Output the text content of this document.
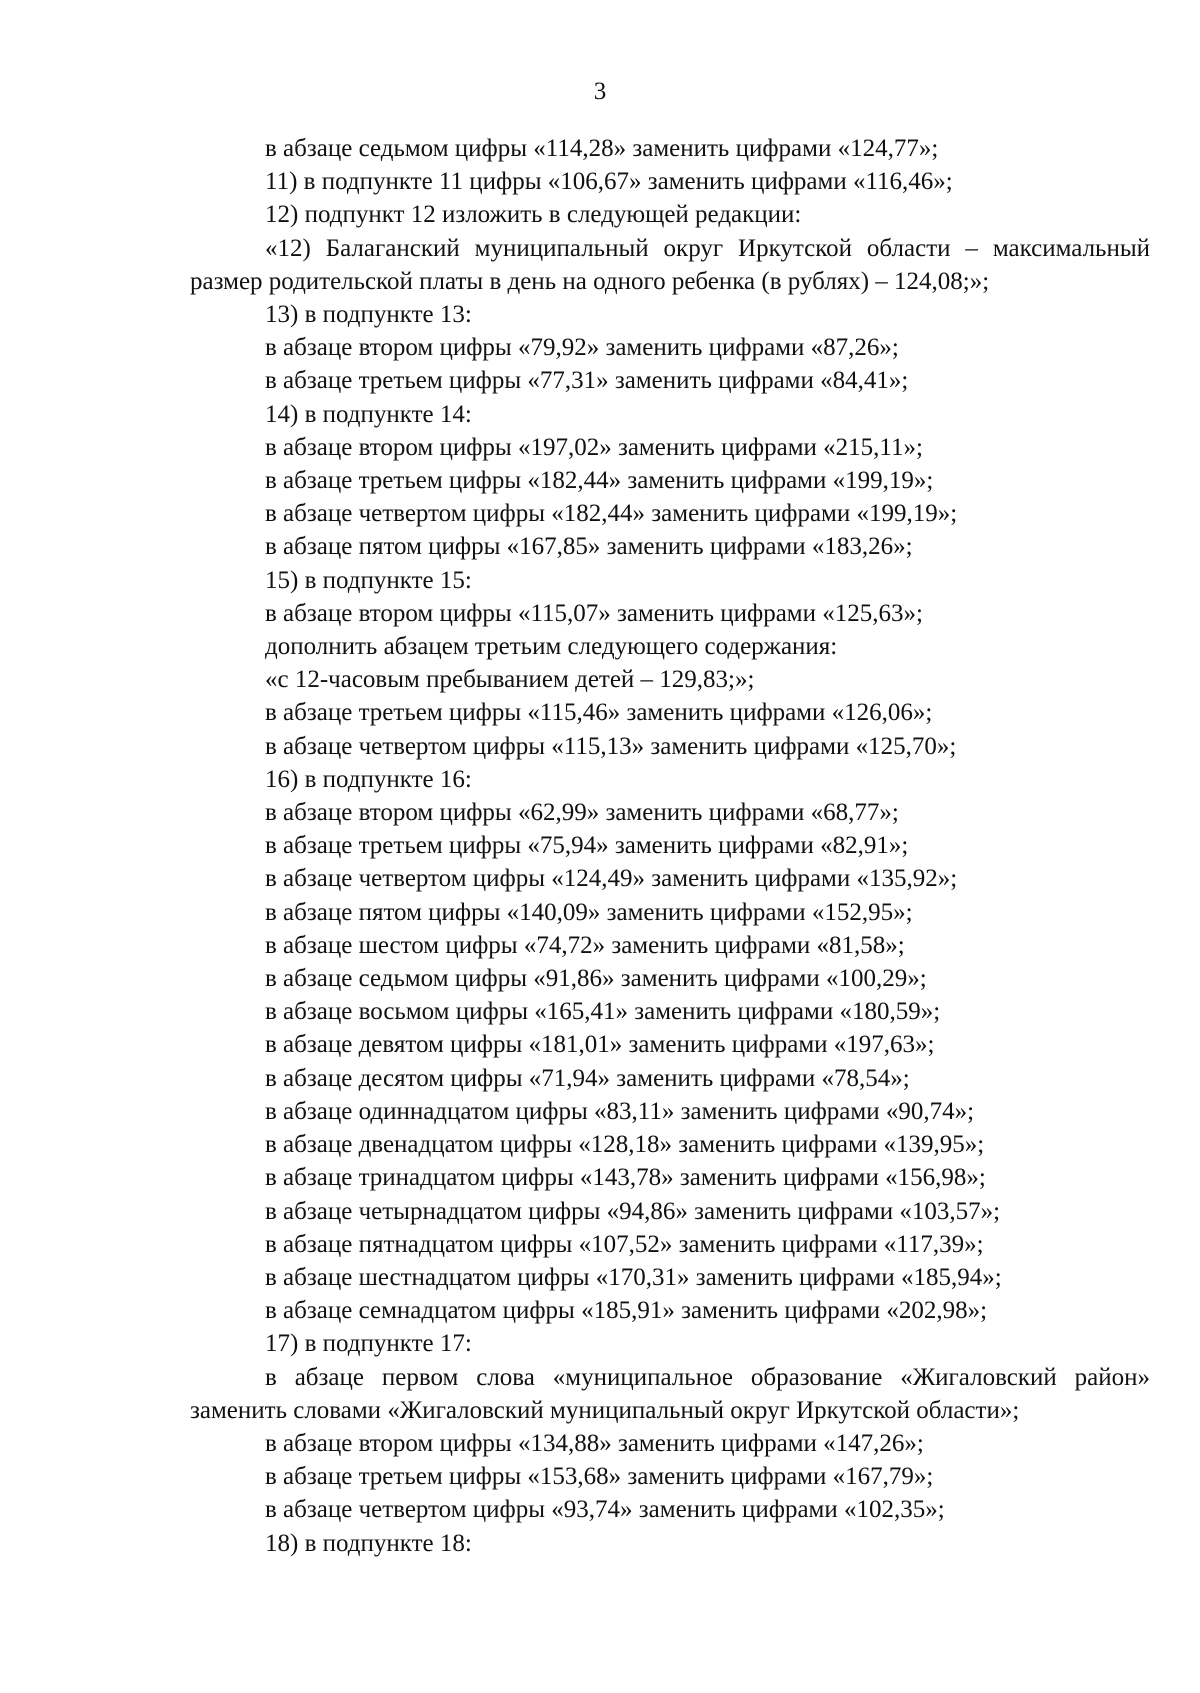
3

в абзаце седьмом цифры «114,28» заменить цифрами «124,77»;

11) в подпункте 11 цифры «106,67» заменить цифрами «116,46»;

12) подпункт 12 изложить в следующей редакции:

«12) Балаганский муниципальный округ Иркутской области – максимальный размер родительской платы в день на одного ребенка (в рублях) – 124,08;»;

13) в подпункте 13:

в абзаце втором цифры «79,92» заменить цифрами «87,26»;

в абзаце третьем цифры «77,31» заменить цифрами «84,41»;

14) в подпункте 14:

в абзаце втором цифры «197,02» заменить цифрами «215,11»;

в абзаце третьем цифры «182,44» заменить цифрами «199,19»;

в абзаце четвертом цифры «182,44» заменить цифрами «199,19»;

в абзаце пятом цифры «167,85» заменить цифрами «183,26»;

15) в подпункте 15:

в абзаце втором цифры «115,07» заменить цифрами «125,63»;

дополнить абзацем третьим следующего содержания:

«с 12-часовым пребыванием детей – 129,83;»;

в абзаце третьем цифры «115,46» заменить цифрами «126,06»;

в абзаце четвертом цифры «115,13» заменить цифрами «125,70»;

16) в подпункте 16:

в абзаце втором цифры «62,99» заменить цифрами «68,77»;

в абзаце третьем цифры «75,94» заменить цифрами «82,91»;

в абзаце четвертом цифры «124,49» заменить цифрами «135,92»;

в абзаце пятом цифры «140,09» заменить цифрами «152,95»;

в абзаце шестом цифры «74,72» заменить цифрами «81,58»;

в абзаце седьмом цифры «91,86» заменить цифрами «100,29»;

в абзаце восьмом цифры «165,41» заменить цифрами «180,59»;

в абзаце девятом цифры «181,01» заменить цифрами «197,63»;

в абзаце десятом цифры «71,94» заменить цифрами «78,54»;

в абзаце одиннадцатом цифры «83,11» заменить цифрами «90,74»;

в абзаце двенадцатом цифры «128,18» заменить цифрами «139,95»;

в абзаце тринадцатом цифры «143,78» заменить цифрами «156,98»;

в абзаце четырнадцатом цифры «94,86» заменить цифрами «103,57»;

в абзаце пятнадцатом цифры «107,52» заменить цифрами «117,39»;

в абзаце шестнадцатом цифры «170,31» заменить цифрами «185,94»;

в абзаце семнадцатом цифры «185,91» заменить цифрами «202,98»;

17) в подпункте 17:

в абзаце первом слова «муниципальное образование «Жигаловский район» заменить словами «Жигаловский муниципальный округ Иркутской области»;

в абзаце втором цифры «134,88» заменить цифрами «147,26»;

в абзаце третьем цифры «153,68» заменить цифрами «167,79»;

в абзаце четвертом цифры «93,74» заменить цифрами «102,35»;

18) в подпункте 18:
